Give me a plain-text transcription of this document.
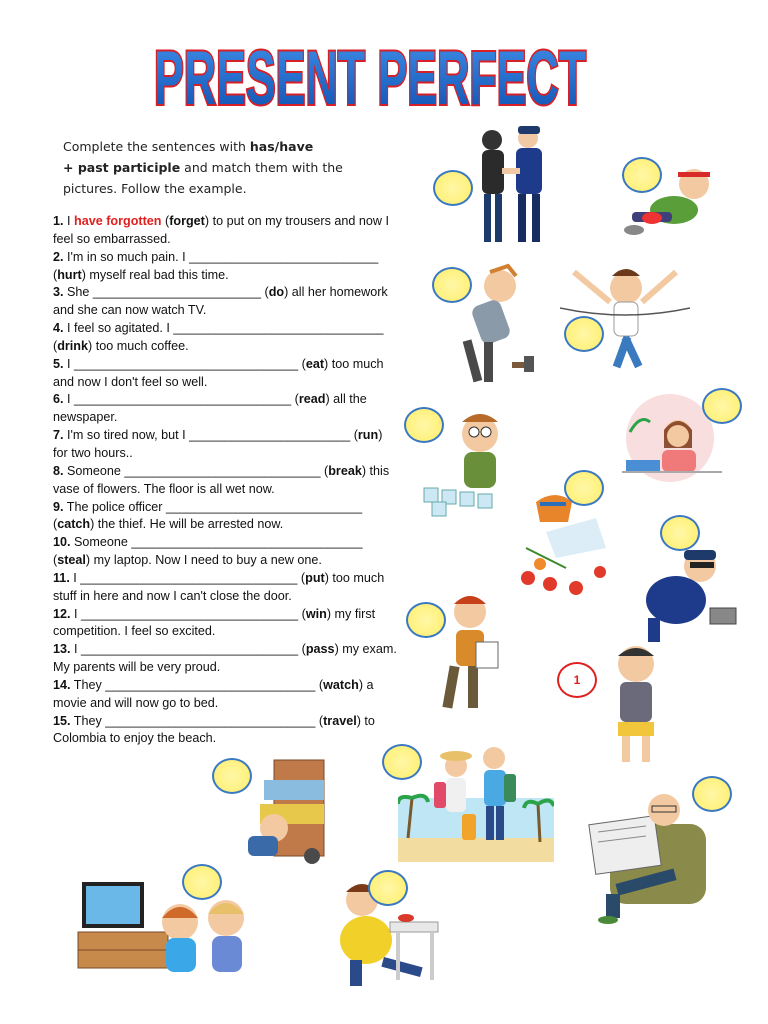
PRESENT PERFECT
Complete the sentences with has/have
+ past participle and match them with the pictures. Follow the example.

1. I have forgotten (forget) to put on my trousers and now I feel so embarrassed.

2. I'm in so much pain. I ___________________________ (hurt) myself real bad this time.

3. She ________________________ (do) all her homework and she can now watch TV.

4. I feel so agitated. I ______________________________ (drink) too much coffee.

5. I ________________________________ (eat) too much and now I don't feel so well.

6. I _______________________________ (read) all the newspaper.

7. I'm so tired now, but I _______________________ (run) for two hours..

8. Someone ____________________________ (break) this vase of flowers. The floor is all wet now.

9. The police officer ____________________________ (catch) the thief. He will be arrested now.

10. Someone _________________________________ (steal) my laptop. Now I need to buy a new one.

11. I _______________________________ (put) too much stuff in here and now I can't close the door.

12. I _______________________________ (win) my first competition. I feel so excited.

13. I _______________________________ (pass) my exam. My parents will be very proud.

14. They ______________________________ (watch) a movie and will now go to bed.

15. They ______________________________ (travel) to Colombia to enjoy the beach.

1
